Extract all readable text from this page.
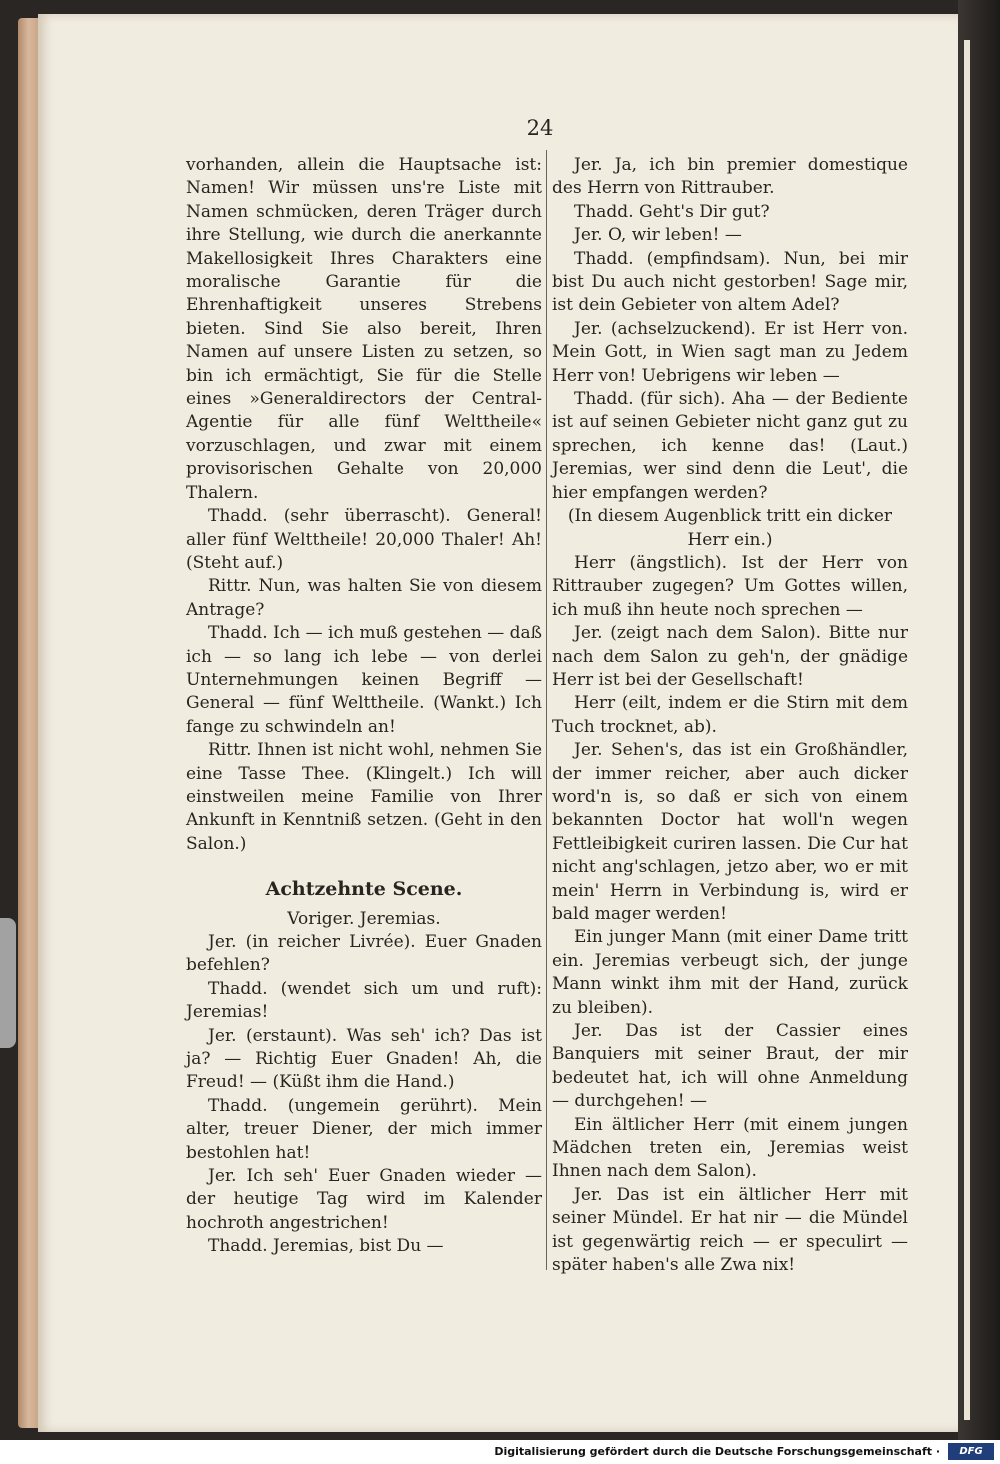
24

vorhanden, allein die Hauptsache ist: Namen! Wir müssen uns're Liste mit Namen schmücken, deren Träger durch ihre Stellung, wie durch die anerkannte Makellosigkeit Ihres Charakters eine moralische Garantie für die Ehrenhaftigkeit unseres Strebens bieten. Sind Sie also bereit, Ihren Namen auf unsere Listen zu setzen, so bin ich ermächtigt, Sie für die Stelle eines »Generaldirectors der Central-Agentie für alle fünf Welttheile« vorzuschlagen, und zwar mit einem provisorischen Gehalte von 20,000 Thalern.

Thadd. (sehr überrascht). General! aller fünf Welttheile! 20,000 Thaler! Ah! (Steht auf.)

Rittr. Nun, was halten Sie von diesem Antrage?

Thadd. Ich — ich muß gestehen — daß ich — so lang ich lebe — von derlei Unternehmungen keinen Begriff — General — fünf Welttheile. (Wankt.) Ich fange zu schwindeln an!

Rittr. Ihnen ist nicht wohl, nehmen Sie eine Tasse Thee. (Klingelt.) Ich will einstweilen meine Familie von Ihrer Ankunft in Kenntniß setzen. (Geht in den Salon.)

Achtzehnte Scene.

Voriger. Jeremias.

Jer. (in reicher Livrée). Euer Gnaden befehlen?

Thadd. (wendet sich um und ruft): Jeremias!

Jer. (erstaunt). Was seh' ich? Das ist ja? — Richtig Euer Gnaden! Ah, die Freud! — (Küßt ihm die Hand.)

Thadd. (ungemein gerührt). Mein alter, treuer Diener, der mich immer bestohlen hat!

Jer. Ich seh' Euer Gnaden wieder — der heutige Tag wird im Kalender hochroth angestrichen!

Thadd. Jeremias, bist Du —

Jer. Ja, ich bin premier domestique des Herrn von Rittrauber.

Thadd. Geht's Dir gut?

Jer. O, wir leben! —

Thadd. (empfindsam). Nun, bei mir bist Du auch nicht gestorben! Sage mir, ist dein Gebieter von altem Adel?

Jer. (achselzuckend). Er ist Herr von. Mein Gott, in Wien sagt man zu Jedem Herr von! Uebrigens wir leben —

Thadd. (für sich). Aha — der Bediente ist auf seinen Gebieter nicht ganz gut zu sprechen, ich kenne das! (Laut.) Jeremias, wer sind denn die Leut', die hier empfangen werden?

(In diesem Augenblick tritt ein dicker Herr ein.)

Herr (ängstlich). Ist der Herr von Rittrauber zugegen? Um Gottes willen, ich muß ihn heute noch sprechen —

Jer. (zeigt nach dem Salon). Bitte nur nach dem Salon zu geh'n, der gnädige Herr ist bei der Gesellschaft!

Herr (eilt, indem er die Stirn mit dem Tuch trocknet, ab).

Jer. Sehen's, das ist ein Großhändler, der immer reicher, aber auch dicker word'n is, so daß er sich von einem bekannten Doctor hat woll'n wegen Fettleibigkeit curiren lassen. Die Cur hat nicht ang'schlagen, jetzo aber, wo er mit mein' Herrn in Verbindung is, wird er bald mager werden!

Ein junger Mann (mit einer Dame tritt ein. Jeremias verbeugt sich, der junge Mann winkt ihm mit der Hand, zurück zu bleiben).

Jer. Das ist der Cassier eines Banquiers mit seiner Braut, der mir bedeutet hat, ich will ohne Anmeldung — durchgehen! —

Ein ältlicher Herr (mit einem jungen Mädchen treten ein, Jeremias weist Ihnen nach dem Salon).

Jer. Das ist ein ältlicher Herr mit seiner Mündel. Er hat nir — die Mündel ist gegenwärtig reich — er speculirt — später haben's alle Zwa nix!

Digitalisierung gefördert durch die Deutsche Forschungsgemeinschaft ·	DFG
